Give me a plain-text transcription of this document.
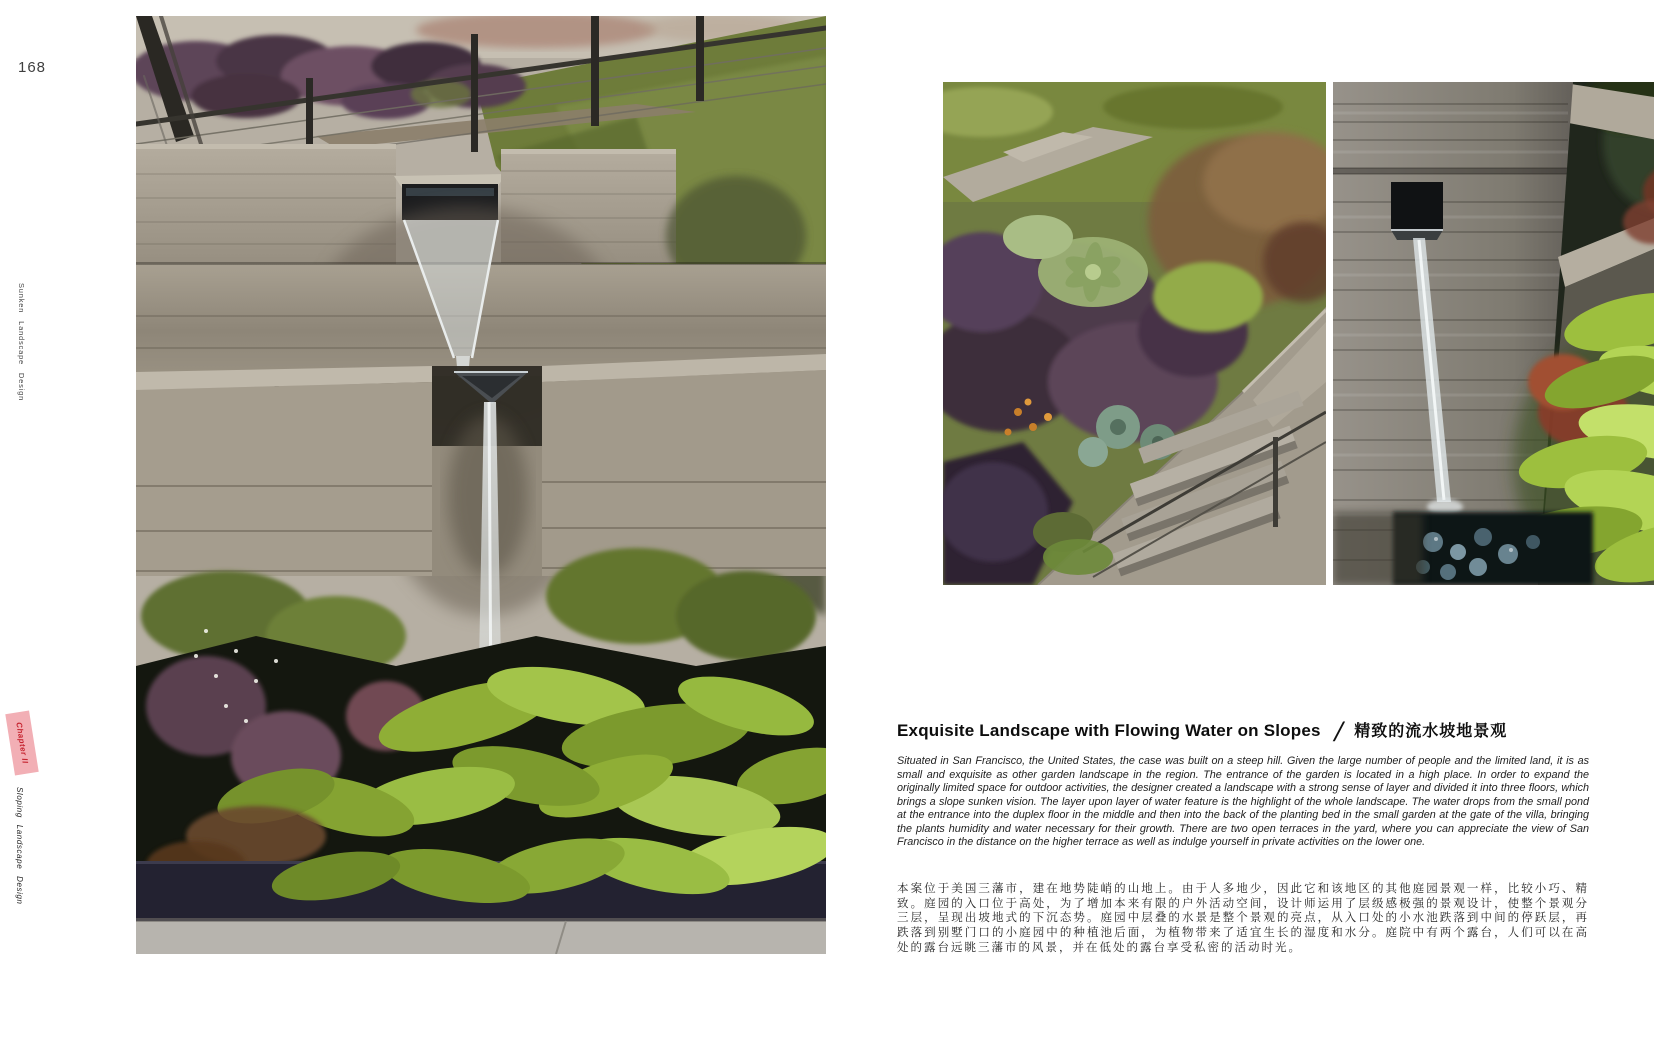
168
Sunken Landscape Design
Chapter II
Sloping Landscape Design
Exquisite Landscape with Flowing Water on Slopes / 精致的流水坡地景观

Situated in San Francisco, the United States, the case was built on a steep hill. Given the large number of people and the limited land, it is as small and exquisite as other garden landscape in the region. The entrance of the garden is located in a high place. In order to expand the originally limited space for outdoor activities, the designer created a landscape with a strong sense of layer and divided it into three floors, which brings a slope sunken vision. The layer upon layer of water feature is the highlight of the whole landscape. The water drops from the small pond at the entrance into the duplex floor in the middle and then into the back of the planting bed in the small garden at the gate of the villa, bringing the plants humidity and water necessary for their growth. There are two open terraces in the yard, where you can appreciate the view of San Francisco in the distance on the higher terrace as well as indulge yourself in private activities on the lower one.

本案位于美国三藩市，建在地势陡峭的山地上。由于人多地少，因此它和该地区的其他庭园景观一样，比较小巧、精致。庭园的入口位于高处，为了增加本来有限的户外活动空间，设计师运用了层级感极强的景观设计，使整个景观分三层，呈现出坡地式的下沉态势。庭园中层叠的水景是整个景观的亮点，从入口处的小水池跌落到中间的停跃层，再跌落到别墅门口的小庭园中的种植池后面，为植物带来了适宜生长的湿度和水分。庭院中有两个露台，人们可以在高处的露台远眺三藩市的风景，并在低处的露台享受私密的活动时光。
